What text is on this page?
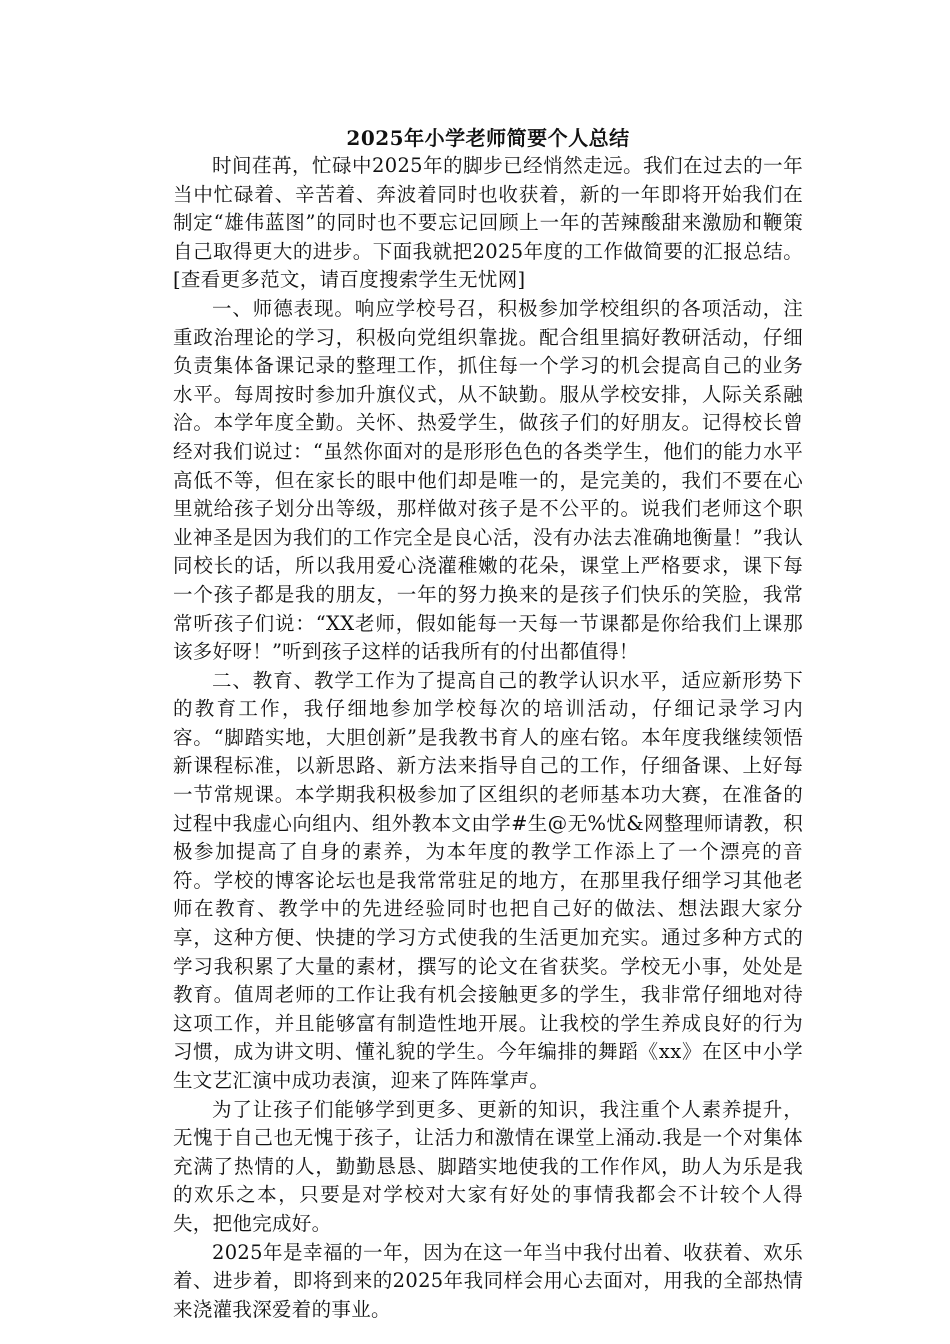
2025年小学老师简要个人总结

时间荏苒，忙碌中2025年的脚步已经悄然走远。我们在过去的一年当中忙碌着、辛苦着、奔波着同时也收获着，新的一年即将开始我们在制定“雄伟蓝图”的同时也不要忘记回顾上一年的苦辣酸甜来激励和鞭策自己取得更大的进步。下面我就把2025年度的工作做简要的汇报总结。[查看更多范文，请百度搜索学生无忧网]

一、师德表现。响应学校号召，积极参加学校组织的各项活动，注重政治理论的学习，积极向党组织靠拢。配合组里搞好教研活动，仔细负责集体备课记录的整理工作，抓住每一个学习的机会提高自己的业务水平。每周按时参加升旗仪式，从不缺勤。服从学校安排，人际关系融洽。本学年度全勤。关怀、热爱学生，做孩子们的好朋友。记得校长曾经对我们说过：“虽然你面对的是形形色色的各类学生，他们的能力水平高低不等，但在家长的眼中他们却是唯一的，是完美的，我们不要在心里就给孩子划分出等级，那样做对孩子是不公平的。说我们老师这个职业神圣是因为我们的工作完全是良心活，没有办法去准确地衡量！”我认同校长的话，所以我用爱心浇灌稚嫩的花朵，课堂上严格要求，课下每一个孩子都是我的朋友，一年的努力换来的是孩子们快乐的笑脸，我常常听孩子们说：“XX老师，假如能每一天每一节课都是你给我们上课那该多好呀！”听到孩子这样的话我所有的付出都值得！

二、教育、教学工作为了提高自己的教学认识水平，适应新形势下的教育工作，我仔细地参加学校每次的培训活动，仔细记录学习内容。“脚踏实地，大胆创新”是我教书育人的座右铭。本年度我继续领悟新课程标准，以新思路、新方法来指导自己的工作，仔细备课、上好每一节常规课。本学期我积极参加了区组织的老师基本功大赛，在准备的过程中我虚心向组内、组外教本文由学#生@无%忧&网整理师请教，积极参加提高了自身的素养，为本年度的教学工作添上了一个漂亮的音符。学校的博客论坛也是我常常驻足的地方，在那里我仔细学习其他老师在教育、教学中的先进经验同时也把自己好的做法、想法跟大家分享，这种方便、快捷的学习方式使我的生活更加充实。通过多种方式的学习我积累了大量的素材，撰写的论文在省获奖。学校无小事，处处是教育。值周老师的工作让我有机会接触更多的学生，我非常仔细地对待这项工作，并且能够富有制造性地开展。让我校的学生养成良好的行为习惯，成为讲文明、懂礼貌的学生。今年编排的舞蹈《xx》在区中小学生文艺汇演中成功表演，迎来了阵阵掌声。

为了让孩子们能够学到更多、更新的知识，我注重个人素养提升，无愧于自己也无愧于孩子，让活力和激情在课堂上涌动.我是一个对集体充满了热情的人，勤勤恳恳、脚踏实地使我的工作作风，助人为乐是我的欢乐之本，只要是对学校对大家有好处的事情我都会不计较个人得失，把他完成好。

2025年是幸福的一年，因为在这一年当中我付出着、收获着、欢乐着、进步着，即将到来的2025年我同样会用心去面对，用我的全部热情来浇灌我深爱着的事业。
